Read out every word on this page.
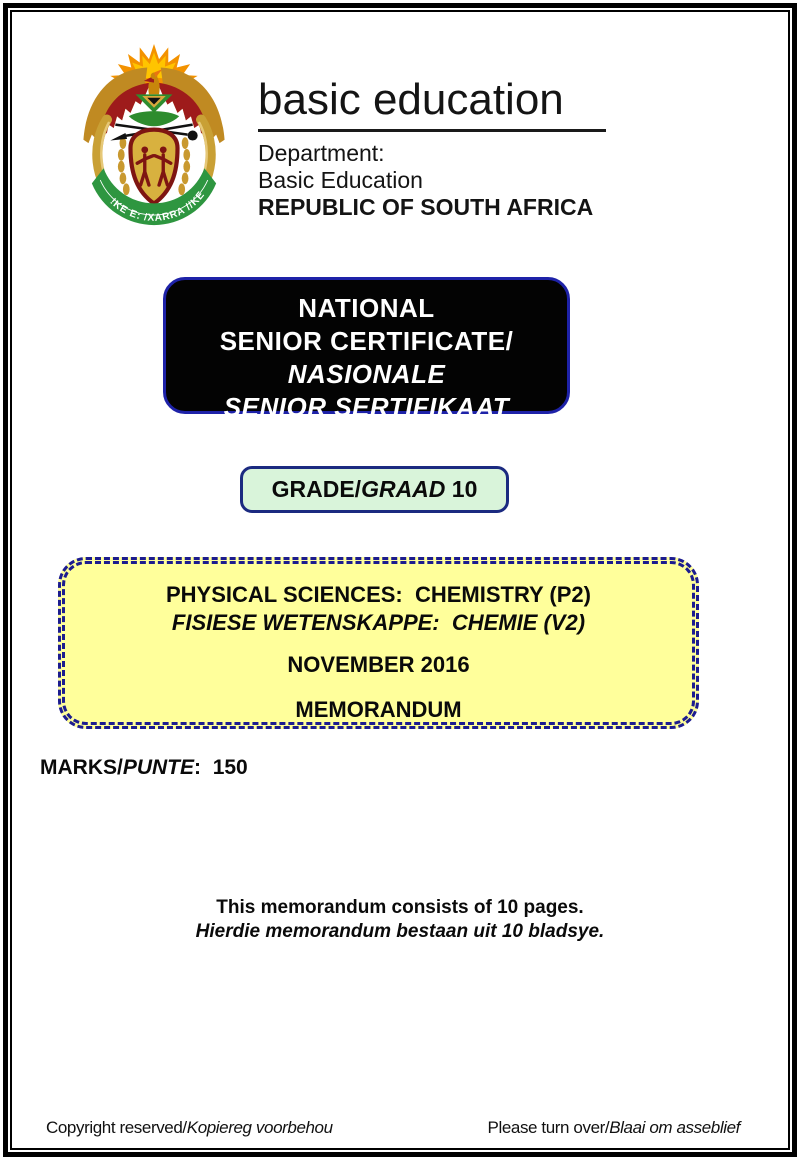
!KE E: /XARRA //KE
basic education
Department:
Basic Education
REPUBLIC OF SOUTH AFRICA
NATIONAL
SENIOR CERTIFICATE/
NASIONALE
SENIOR SERTIFIKAAT
GRADE/GRAAD 10
PHYSICAL SCIENCES:  CHEMISTRY (P2)
FISIESE WETENSKAPPE:  CHEMIE (V2)
NOVEMBER 2016
MEMORANDUM
MARKS/PUNTE:  150
This memorandum consists of 10 pages.
Hierdie memorandum bestaan uit 10 bladsye.
Copyright reserved/Kopiereg voorbehou	Please turn over/Blaai om asseblief
